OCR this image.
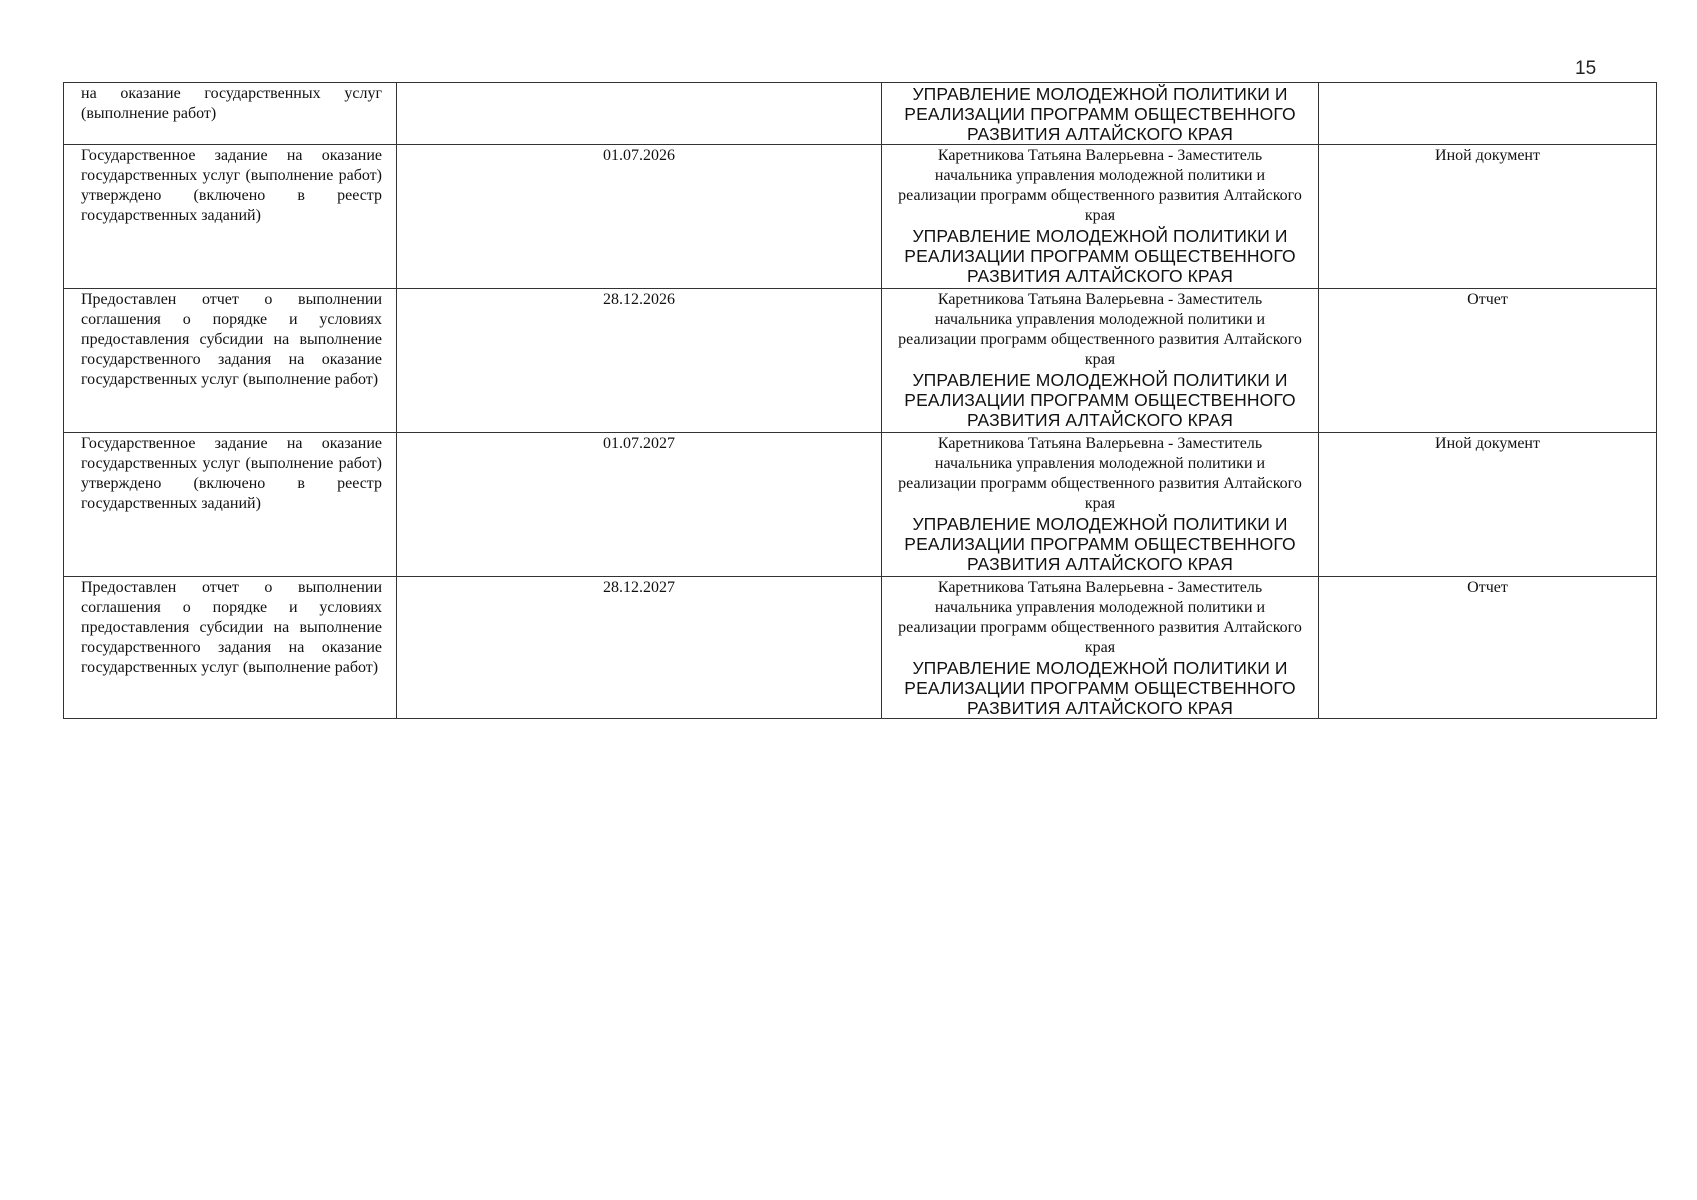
15
на оказание государственных услуг (выполнение работ)		УПРАВЛЕНИЕ МОЛОДЕЖНОЙ ПОЛИТИКИ И РЕАЛИЗАЦИИ ПРОГРАММ ОБЩЕСТВЕННОГО РАЗВИТИЯ АЛТАЙСКОГО КРАЯ	

Государственное задание на оказание государственных услуг (выполнение работ) утверждено (включено в реестр государственных заданий)	01.07.2026	Каретникова Татьяна Валерьевна - Заместитель начальника управления молодежной политики и реализации программ общественного развития Алтайского края
УПРАВЛЕНИЕ МОЛОДЕЖНОЙ ПОЛИТИКИ И РЕАЛИЗАЦИИ ПРОГРАММ ОБЩЕСТВЕННОГО РАЗВИТИЯ АЛТАЙСКОГО КРАЯ	Иной документ

Предоставлен отчет о выполнении соглашения о порядке и условиях предоставления субсидии на выполнение государственного задания на оказание государственных услуг (выполнение работ)	28.12.2026	Каретникова Татьяна Валерьевна - Заместитель начальника управления молодежной политики и реализации программ общественного развития Алтайского края
УПРАВЛЕНИЕ МОЛОДЕЖНОЙ ПОЛИТИКИ И РЕАЛИЗАЦИИ ПРОГРАММ ОБЩЕСТВЕННОГО РАЗВИТИЯ АЛТАЙСКОГО КРАЯ	Отчет

Государственное задание на оказание государственных услуг (выполнение работ) утверждено (включено в реестр государственных заданий)	01.07.2027	Каретникова Татьяна Валерьевна - Заместитель начальника управления молодежной политики и реализации программ общественного развития Алтайского края
УПРАВЛЕНИЕ МОЛОДЕЖНОЙ ПОЛИТИКИ И РЕАЛИЗАЦИИ ПРОГРАММ ОБЩЕСТВЕННОГО РАЗВИТИЯ АЛТАЙСКОГО КРАЯ	Иной документ

Предоставлен отчет о выполнении соглашения о порядке и условиях предоставления субсидии на выполнение государственного задания на оказание государственных услуг (выполнение работ)	28.12.2027	Каретникова Татьяна Валерьевна - Заместитель начальника управления молодежной политики и реализации программ общественного развития Алтайского края
УПРАВЛЕНИЕ МОЛОДЕЖНОЙ ПОЛИТИКИ И РЕАЛИЗАЦИИ ПРОГРАММ ОБЩЕСТВЕННОГО РАЗВИТИЯ АЛТАЙСКОГО КРАЯ	Отчет
